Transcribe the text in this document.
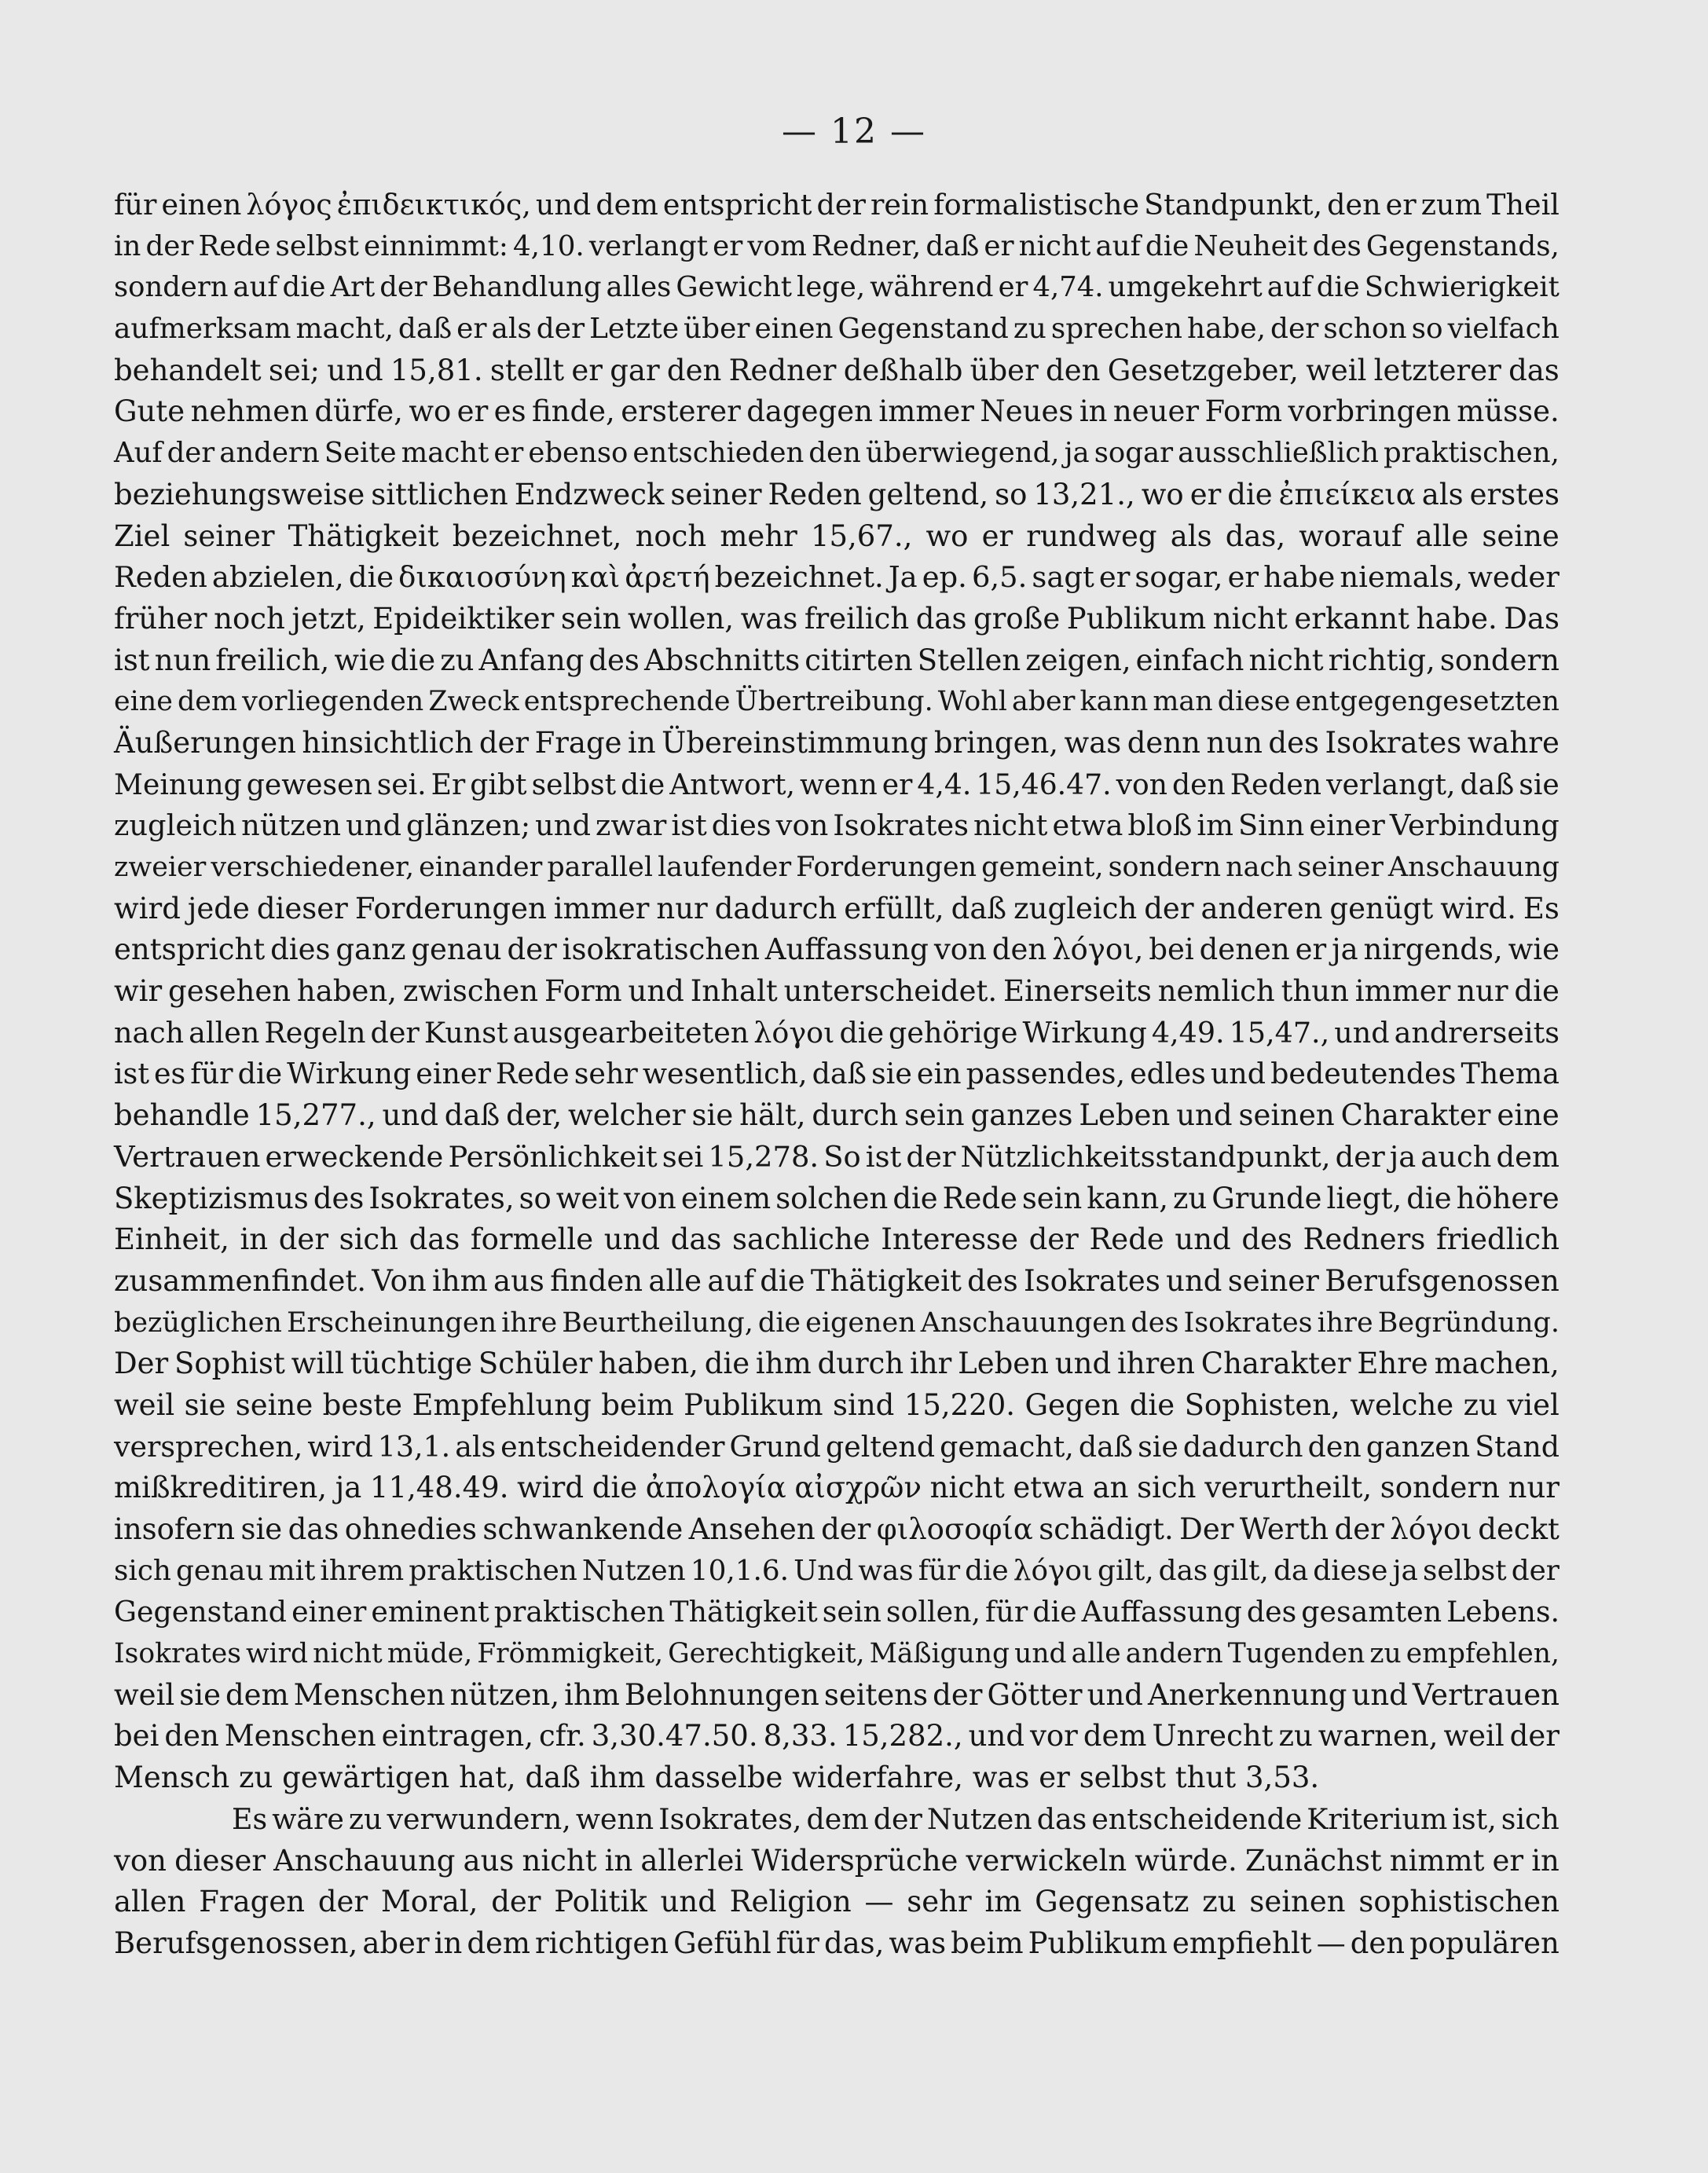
— 12 —
für einen λόγος ἐπιδεικτικός, und dem entspricht der rein formalistische Standpunkt, den er zum Theil
in der Rede selbst einnimmt: 4,10. verlangt er vom Redner, daß er nicht auf die Neuheit des Gegenstands,
sondern auf die Art der Behandlung alles Gewicht lege, während er 4,74. umgekehrt auf die Schwierigkeit
aufmerksam macht, daß er als der Letzte über einen Gegenstand zu sprechen habe, der schon so vielfach
behandelt sei; und 15,81. stellt er gar den Redner deßhalb über den Gesetzgeber, weil letzterer das
Gute nehmen dürfe, wo er es finde, ersterer dagegen immer Neues in neuer Form vorbringen müsse.
Auf der andern Seite macht er ebenso entschieden den überwiegend, ja sogar ausschließlich praktischen,
beziehungsweise sittlichen Endzweck seiner Reden geltend, so 13,21., wo er die ἐπιείκεια als erstes
Ziel seiner Thätigkeit bezeichnet, noch mehr 15,67., wo er rundweg als das, worauf alle seine
Reden abzielen, die δικαιοσύνη καὶ ἀρετή bezeichnet. Ja ep. 6,5. sagt er sogar, er habe niemals, weder
früher noch jetzt, Epideiktiker sein wollen, was freilich das große Publikum nicht erkannt habe. Das
ist nun freilich, wie die zu Anfang des Abschnitts citirten Stellen zeigen, einfach nicht richtig, sondern
eine dem vorliegenden Zweck entsprechende Übertreibung. Wohl aber kann man diese entgegengesetzten
Äußerungen hinsichtlich der Frage in Übereinstimmung bringen, was denn nun des Isokrates wahre
Meinung gewesen sei. Er gibt selbst die Antwort, wenn er 4,4. 15,46.47. von den Reden verlangt, daß sie
zugleich nützen und glänzen; und zwar ist dies von Isokrates nicht etwa bloß im Sinn einer Verbindung
zweier verschiedener, einander parallel laufender Forderungen gemeint, sondern nach seiner Anschauung
wird jede dieser Forderungen immer nur dadurch erfüllt, daß zugleich der anderen genügt wird. Es
entspricht dies ganz genau der isokratischen Auffassung von den λόγοι, bei denen er ja nirgends, wie
wir gesehen haben, zwischen Form und Inhalt unterscheidet. Einerseits nemlich thun immer nur die
nach allen Regeln der Kunst ausgearbeiteten λόγοι die gehörige Wirkung 4,49. 15,47., und andrerseits
ist es für die Wirkung einer Rede sehr wesentlich, daß sie ein passendes, edles und bedeutendes Thema
behandle 15,277., und daß der, welcher sie hält, durch sein ganzes Leben und seinen Charakter eine
Vertrauen erweckende Persönlichkeit sei 15,278. So ist der Nützlichkeitsstandpunkt, der ja auch dem
Skeptizismus des Isokrates, so weit von einem solchen die Rede sein kann, zu Grunde liegt, die höhere
Einheit, in der sich das formelle und das sachliche Interesse der Rede und des Redners friedlich
zusammenfindet. Von ihm aus finden alle auf die Thätigkeit des Isokrates und seiner Berufsgenossen
bezüglichen Erscheinungen ihre Beurtheilung, die eigenen Anschauungen des Isokrates ihre Begründung.
Der Sophist will tüchtige Schüler haben, die ihm durch ihr Leben und ihren Charakter Ehre machen,
weil sie seine beste Empfehlung beim Publikum sind 15,220. Gegen die Sophisten, welche zu viel
versprechen, wird 13,1. als entscheidender Grund geltend gemacht, daß sie dadurch den ganzen Stand
mißkreditiren, ja 11,48.49. wird die ἀπολογία αἰσχρῶν nicht etwa an sich verurtheilt, sondern nur
insofern sie das ohnedies schwankende Ansehen der φιλοσοφία schädigt. Der Werth der λόγοι deckt
sich genau mit ihrem praktischen Nutzen 10,1.6. Und was für die λόγοι gilt, das gilt, da diese ja selbst der
Gegenstand einer eminent praktischen Thätigkeit sein sollen, für die Auffassung des gesamten Lebens.
Isokrates wird nicht müde, Frömmigkeit, Gerechtigkeit, Mäßigung und alle andern Tugenden zu empfehlen,
weil sie dem Menschen nützen, ihm Belohnungen seitens der Götter und Anerkennung und Vertrauen
bei den Menschen eintragen, cfr. 3,30.47.50. 8,33. 15,282., und vor dem Unrecht zu warnen, weil der
Mensch zu gewärtigen hat, daß ihm dasselbe widerfahre, was er selbst thut 3,53.
Es wäre zu verwundern, wenn Isokrates, dem der Nutzen das entscheidende Kriterium ist, sich
von dieser Anschauung aus nicht in allerlei Widersprüche verwickeln würde. Zunächst nimmt er in
allen Fragen der Moral, der Politik und Religion — sehr im Gegensatz zu seinen sophistischen
Berufsgenossen, aber in dem richtigen Gefühl für das, was beim Publikum empfiehlt — den populären
